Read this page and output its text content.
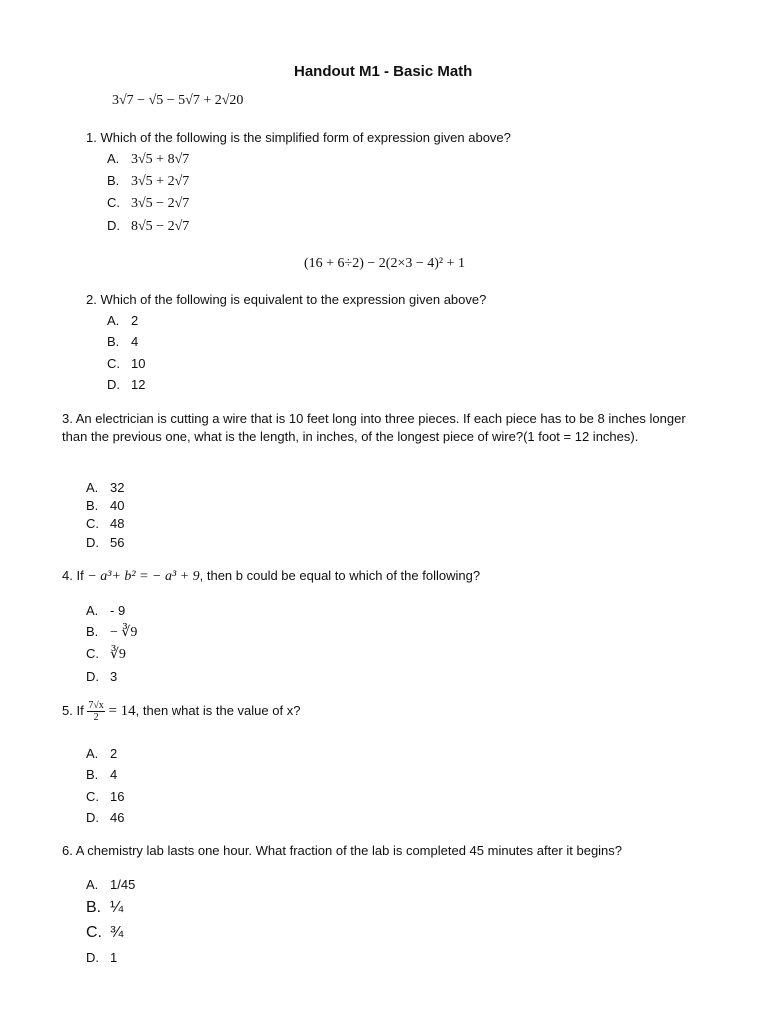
Handout M1 - Basic Math
3√7 − √5 − 5√7 + 2√20
1. Which of the following is the simplified form of expression given above?
A. 3√5 + 8√7
B. 3√5 + 2√7
C. 3√5 − 2√7
D. 8√5 − 2√7
(16 + 6÷2) − 2(2×3 − 4)² + 1
2. Which of the following is equivalent to the expression given above?
A. 2
B. 4
C. 10
D. 12
3. An electrician is cutting a wire that is 10 feet long into three pieces. If each piece has to be 8 inches longer than the previous one, what is the length, in inches, of the longest piece of wire?(1 foot = 12 inches).
A. 32
B. 40
C. 48
D. 56
4. If − a³+ b² = − a³ + 9, then b could be equal to which of the following?
A. - 9
B. − ∛9
C. ∛9
D. 3
5. If $\frac{7√x}{2} = 14$, then what is the value of x?
A. 2
B. 4
C. 16
D. 46
6. A chemistry lab lasts one hour. What fraction of the lab is completed 45 minutes after it begins?
A. 1/45
B. ¼
C. ¾
D. 1
